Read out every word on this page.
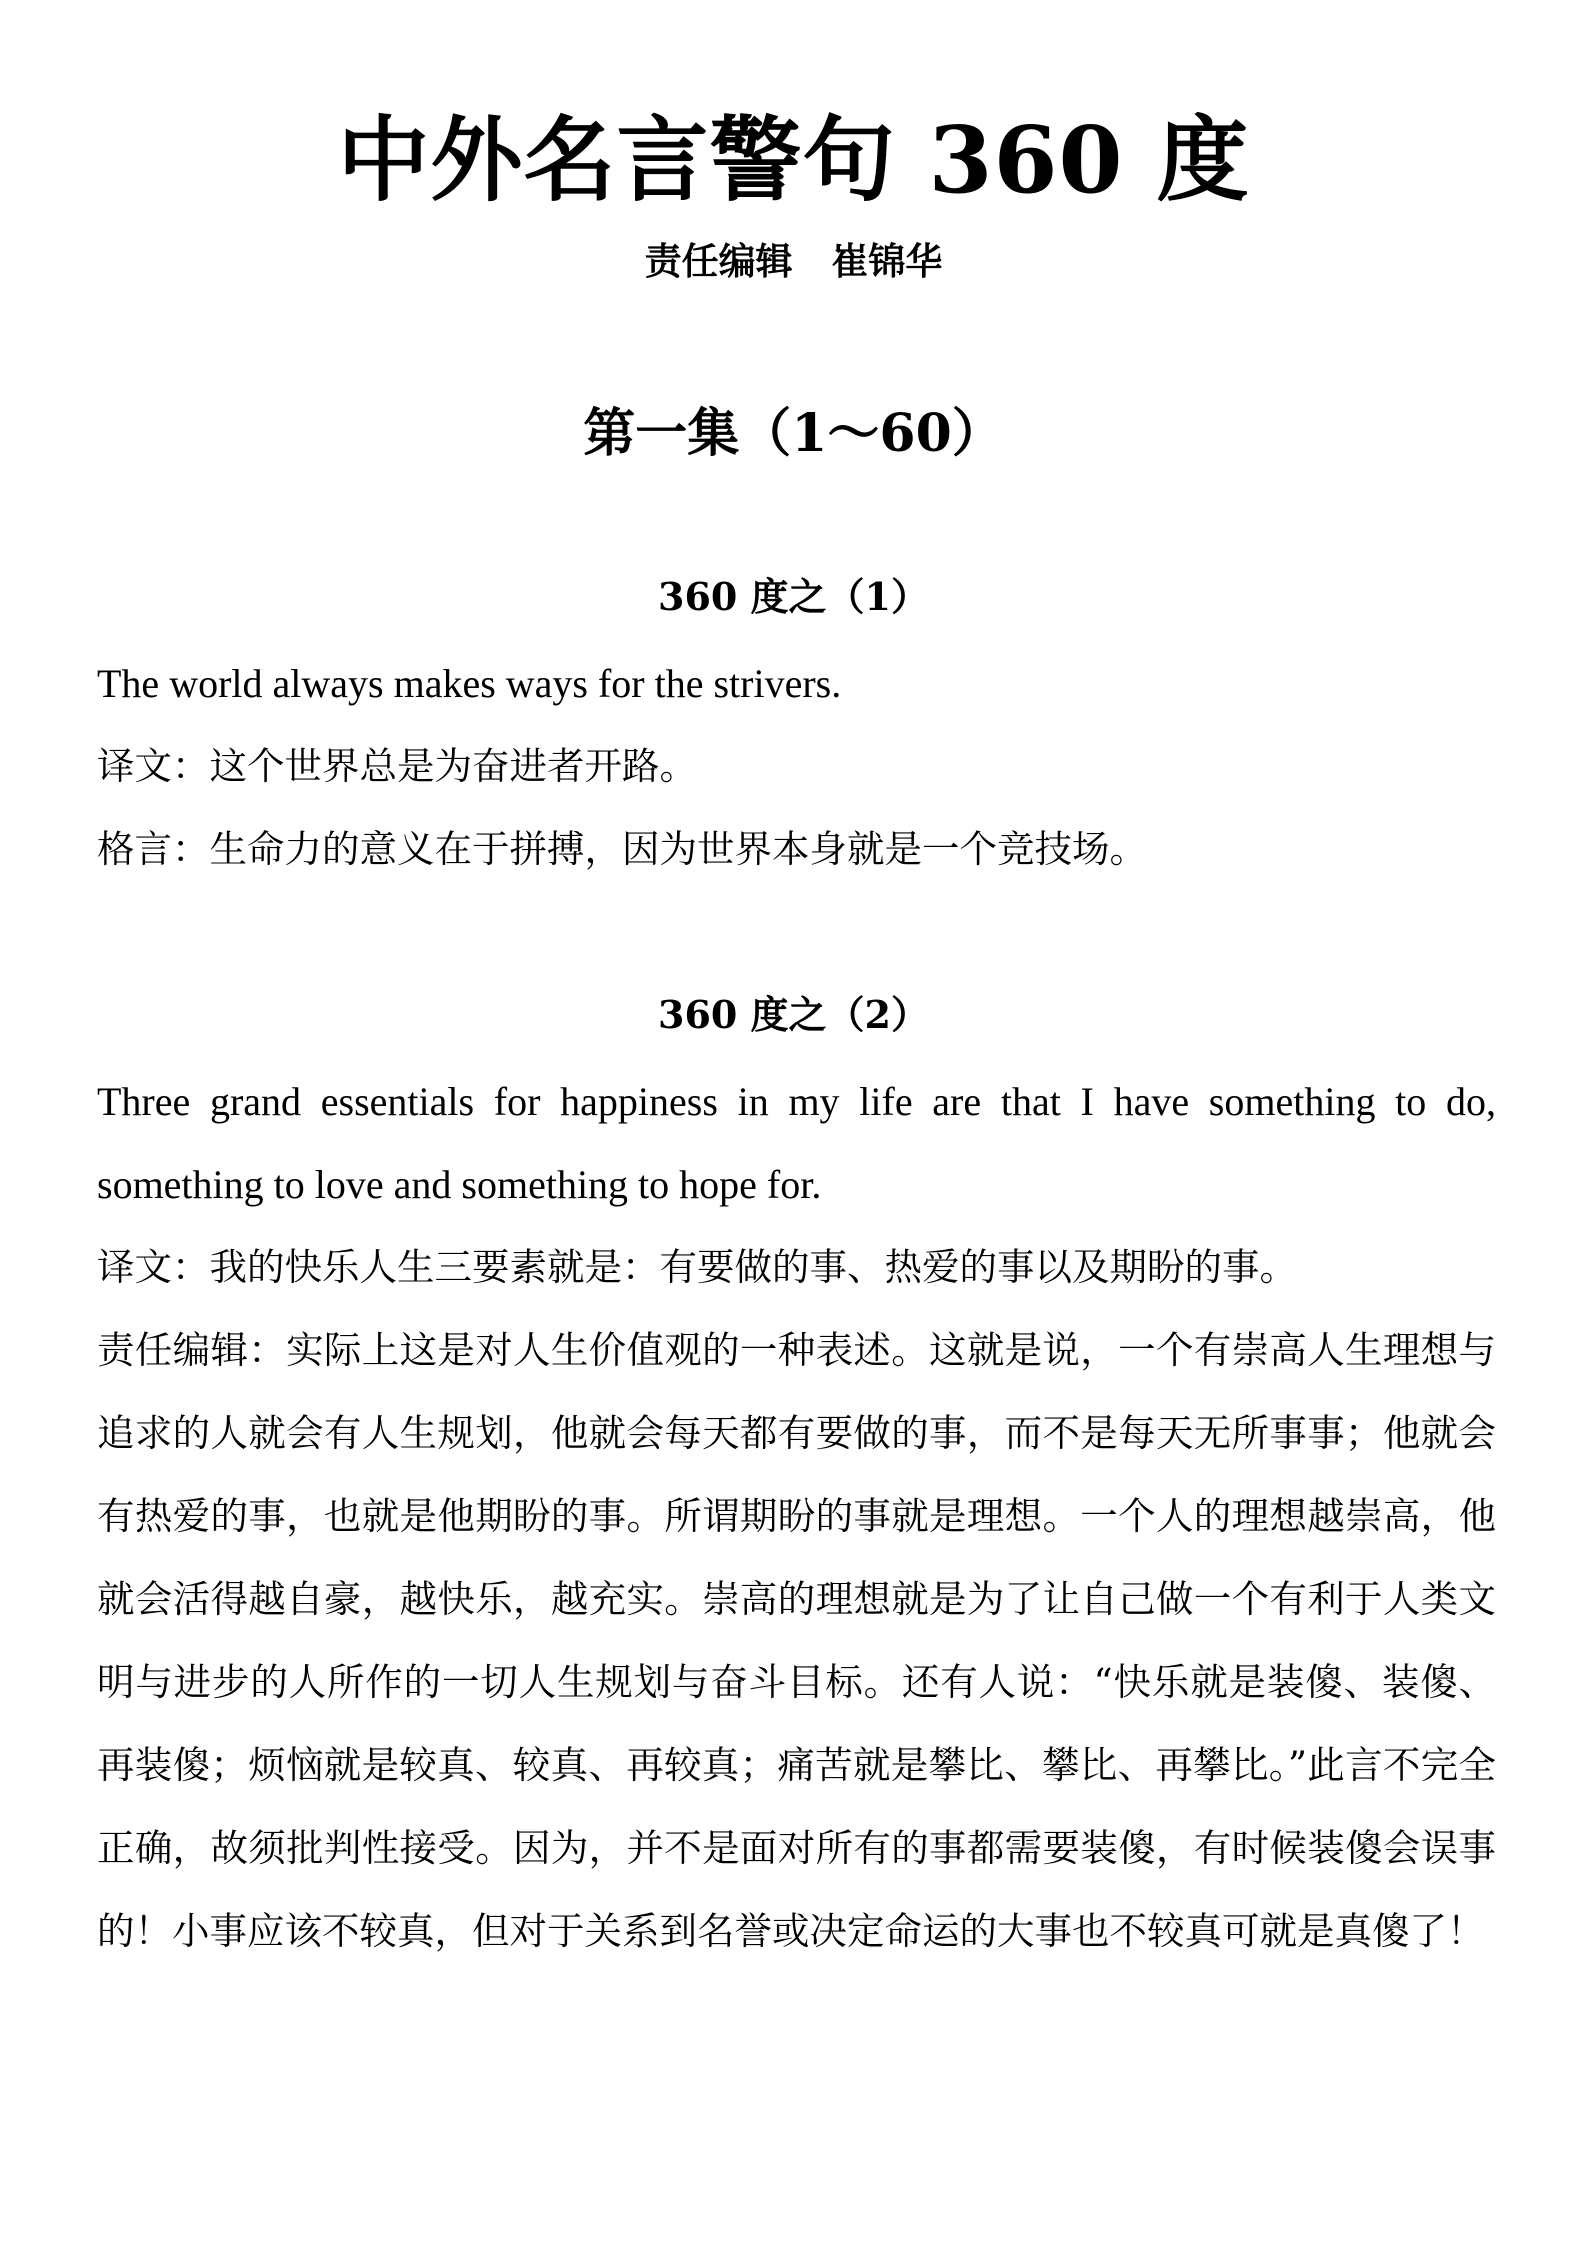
中外名言警句 360 度
责任编辑   崔锦华
第一集（1～60）
360 度之（1）

The world always makes ways for the strivers.

译文：这个世界总是为奋进者开路。

格言：生命力的意义在于拼搏，因为世界本身就是一个竞技场。

360 度之（2）

Three grand essentials for happiness in my life are that I have something to do, something to love and something to hope for.

译文：我的快乐人生三要素就是：有要做的事、热爱的事以及期盼的事。

责任编辑：实际上这是对人生价值观的一种表述。这就是说，一个有崇高人生理想与追求的人就会有人生规划，他就会每天都有要做的事，而不是每天无所事事；他就会有热爱的事，也就是他期盼的事。所谓期盼的事就是理想。一个人的理想越崇高，他就会活得越自豪，越快乐，越充实。崇高的理想就是为了让自己做一个有利于人类文明与进步的人所作的一切人生规划与奋斗目标。还有人说：“快乐就是装傻、装傻、再装傻；烦恼就是较真、较真、再较真；痛苦就是攀比、攀比、再攀比。”此言不完全正确，故须批判性接受。因为，并不是面对所有的事都需要装傻，有时候装傻会误事的！小事应该不较真，但对于关系到名誉或决定命运的大事也不较真可就是真傻了！
